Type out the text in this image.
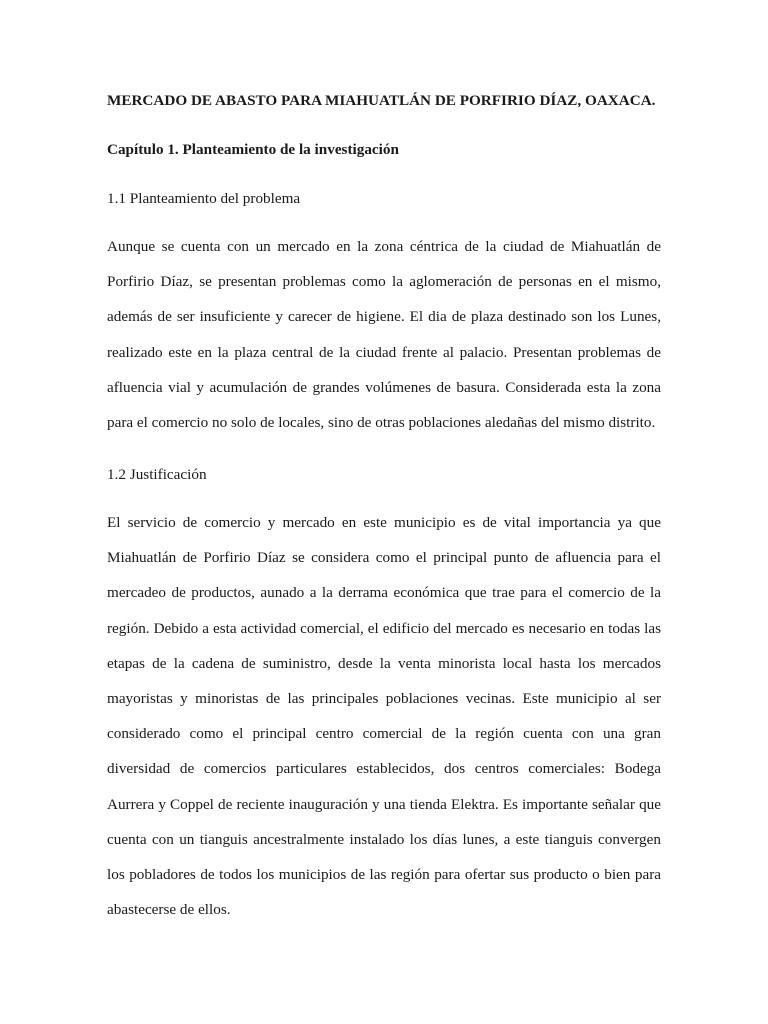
MERCADO DE ABASTO PARA MIAHUATLÁN DE PORFIRIO DÍAZ, OAXACA.
Capítulo 1. Planteamiento de la investigación
1.1 Planteamiento del problema

Aunque se cuenta con un mercado en la zona céntrica de la ciudad de Miahuatlán de Porfirio Díaz, se presentan problemas como la aglomeración de personas en el mismo, además de ser insuficiente y carecer de higiene. El dia de plaza destinado son los Lunes, realizado este en la plaza central de la ciudad frente al palacio. Presentan problemas de afluencia vial y acumulación de grandes volúmenes de basura. Considerada esta la zona para el comercio no solo de locales, sino de otras poblaciones aledañas del mismo distrito.

1.2 Justificación

El servicio de comercio y mercado en este municipio es de vital importancia ya que Miahuatlán de Porfirio Díaz se considera como el principal punto de afluencia para el mercadeo de productos, aunado a la derrama económica que trae para el comercio de la región. Debido a esta actividad comercial, el edificio del mercado es necesario en todas las etapas de la cadena de suministro, desde la venta minorista local hasta los mercados mayoristas y minoristas de las principales poblaciones vecinas. Este municipio al ser considerado como el principal centro comercial de la región cuenta con una gran diversidad de comercios particulares establecidos, dos centros comerciales: Bodega Aurrera y Coppel de reciente inauguración y una tienda Elektra. Es importante señalar que cuenta con un tianguis ancestralmente instalado los días lunes, a este tianguis convergen los pobladores de todos los municipios de las región para ofertar sus producto o bien para abastecerse de ellos.
